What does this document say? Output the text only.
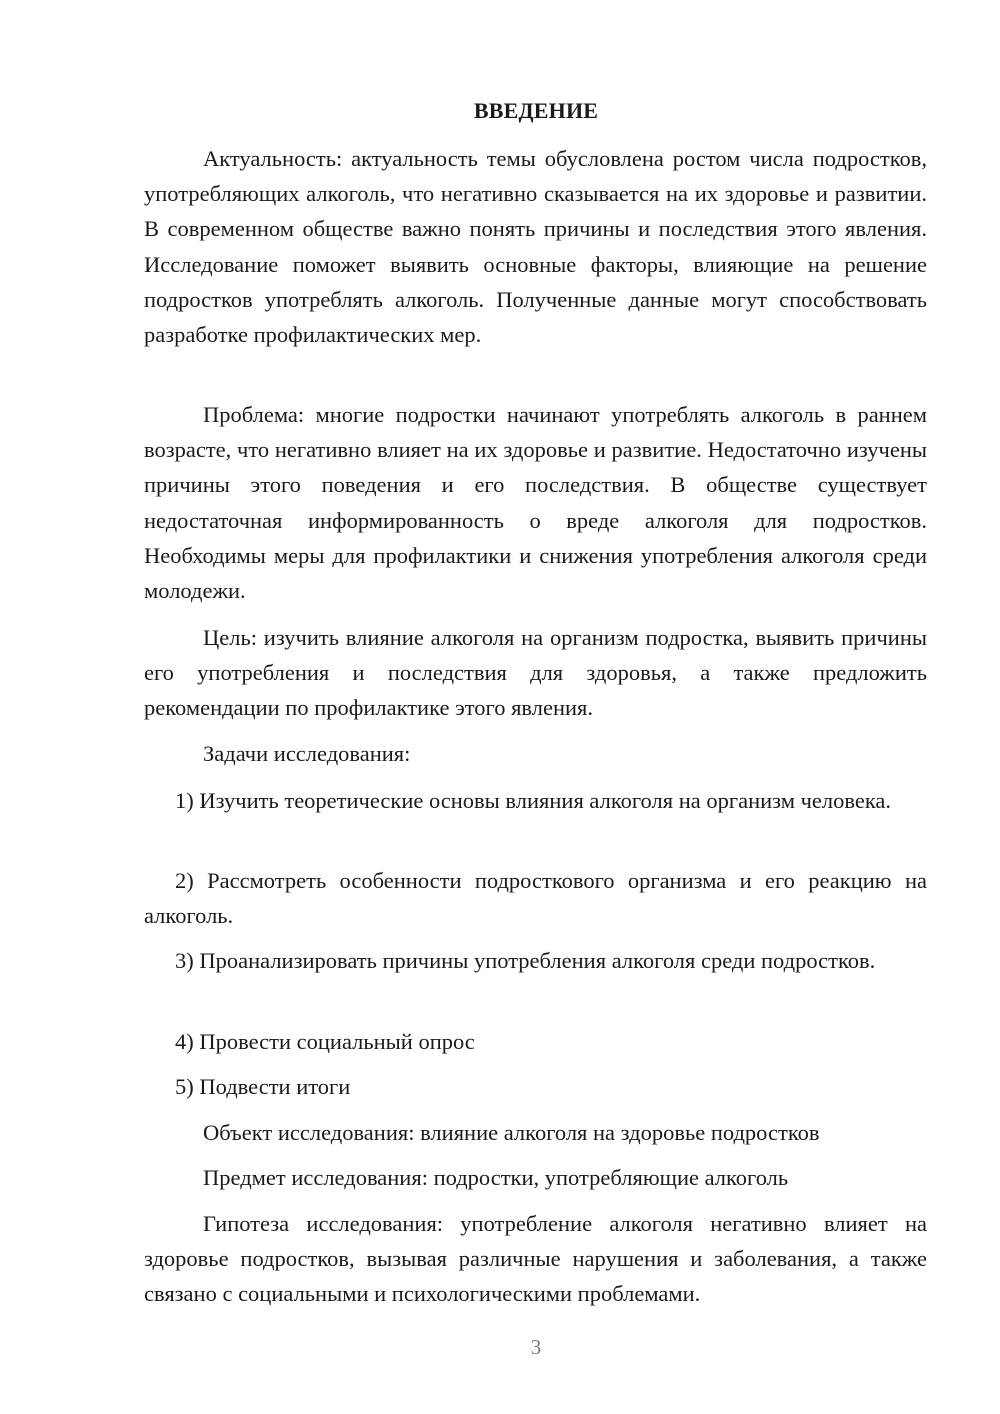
ВВЕДЕНИЕ

Актуальность: актуальность темы обусловлена ростом числа подростков, употребляющих алкоголь, что негативно сказывается на их здоровье и развитии. В современном обществе важно понять причины и последствия этого явления. Исследование поможет выявить основные факторы, влияющие на решение подростков употреблять алкоголь. Полученные данные могут способствовать разработке профилактических мер.

Проблема: многие подростки начинают употреблять алкоголь в раннем возрасте, что негативно влияет на их здоровье и развитие. Недостаточно изучены причины этого поведения и его последствия. В обществе существует недостаточная информированность о вреде алкоголя для подростков. Необходимы меры для профилактики и снижения употребления алкоголя среди молодежи.

Цель: изучить влияние алкоголя на организм подростка, выявить причины его употребления и последствия для здоровья, а также предложить рекомендации по профилактике этого явления.

Задачи исследования:

1) Изучить теоретические основы влияния алкоголя на организм человека.

2) Рассмотреть особенности подросткового организма и его реакцию на алкоголь.

3) Проанализировать причины употребления алкоголя среди подростков.

4) Провести социальный опрос

5) Подвести итоги

Объект исследования: влияние алкоголя на здоровье подростков

Предмет исследования: подростки, употребляющие алкоголь

Гипотеза исследования: употребление алкоголя негативно влияет на здоровье подростков, вызывая различные нарушения и заболевания, а также связано с социальными и психологическими проблемами.

3
